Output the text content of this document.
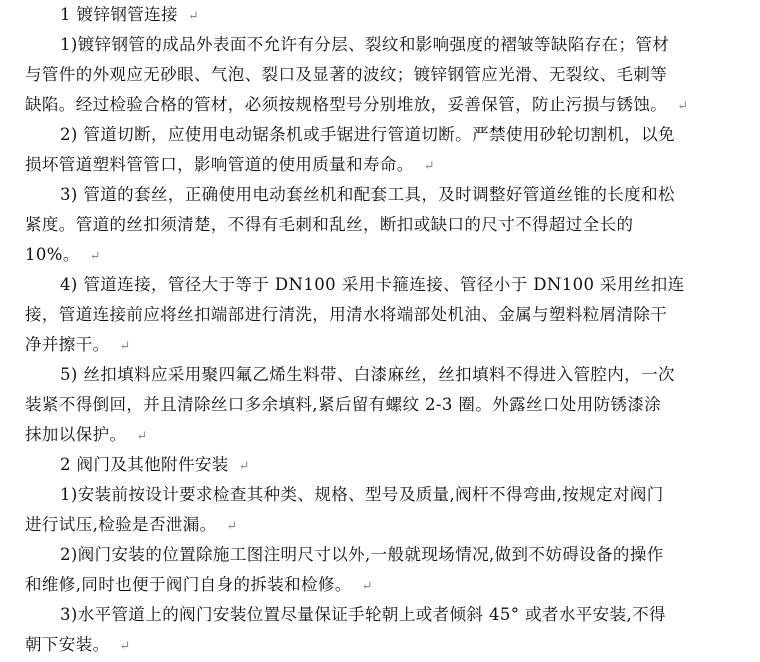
1 镀锌钢管连接 ↵
1)镀锌钢管的成品外表面不允许有分层、裂纹和影响强度的褶皱等缺陷存在；管材
与管件的外观应无砂眼、气泡、裂口及显著的波纹；镀锌钢管应光滑、无裂纹、毛刺等
缺陷。经过检验合格的管材，必须按规格型号分别堆放，妥善保管，防止污损与锈蚀。 ↵
2) 管道切断，应使用电动锯条机或手锯进行管道切断。严禁使用砂轮切割机，以免
损坏管道塑料管管口，影响管道的使用质量和寿命。 ↵
3) 管道的套丝，正确使用电动套丝机和配套工具，及时调整好管道丝锥的长度和松
紧度。管道的丝扣须清楚，不得有毛刺和乱丝，断扣或缺口的尺寸不得超过全长的
10%。 ↵
4) 管道连接，管径大于等于 DN100 采用卡箍连接、管径小于 DN100 采用丝扣连
接，管道连接前应将丝扣端部进行清洗，用清水将端部处机油、金属与塑料粒屑清除干
净并擦干。 ↵
5) 丝扣填料应采用聚四氟乙烯生料带、白漆麻丝，丝扣填料不得进入管腔内，一次
装紧不得倒回，并且清除丝口多余填料,紧后留有螺纹 2-3 圈。外露丝口处用防锈漆涂
抹加以保护。 ↵
2 阀门及其他附件安装 ↵
1)安装前按设计要求检查其种类、规格、型号及质量,阀杆不得弯曲,按规定对阀门
进行试压,检验是否泄漏。 ↵
2)阀门安装的位置除施工图注明尺寸以外,一般就现场情况,做到不妨碍设备的操作
和维修,同时也便于阀门自身的拆装和检修。 ↵
3)水平管道上的阀门安装位置尽量保证手轮朝上或者倾斜 45° 或者水平安装,不得
朝下安装。 ↵
